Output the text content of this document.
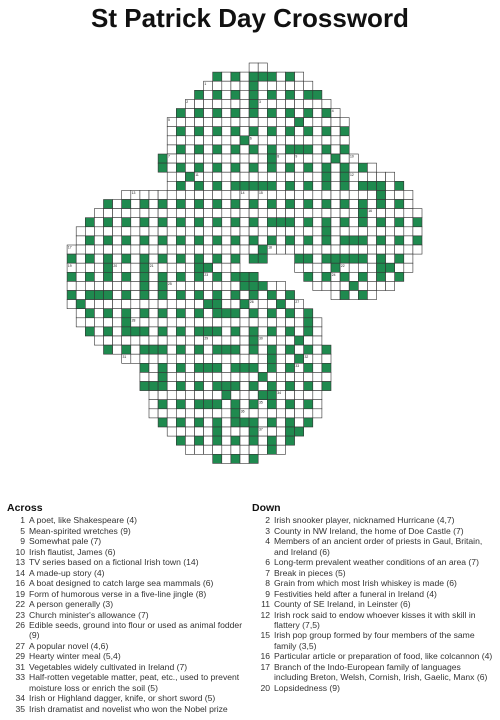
St Patrick Day Crossword
1
2	3
4
5
6
7	8	9	10
11	12
13	14	15
16
17	18
19	20	21	22
23	24
25
26	27
28
29	30
31	32
33
34
35
36
37
Across
1 A poet, like Shakespeare (4)
5 Mean-spirited wretches (9)
9 Somewhat pale (7)
10 Irish flautist, James (6)
13 TV series based on a fictional Irish town (14)
14 A made-up story (4)
16 A boat designed to catch large sea mammals (6)
19 Form of humorous verse in a five-line jingle (8)
22 A person generally (3)
23 Church minister's allowance (7)
26 Edible seeds, ground into flour or used as animal fodder (9)
27 A popular novel (4,6)
29 Hearty winter meal (5,4)
31 Vegetables widely cultivated in Ireland (7)
33 Half-rotten vegetable matter, peat, etc., used to prevent moisture loss or enrich the soil (5)
34 Irish or Highland dagger, knife, or short sword (5)
35 Irish dramatist and novelist who won the Nobel prize
Down
2 Irish snooker player, nicknamed Hurricane (4,7)
3 County in NW Ireland, the home of Doe Castle (7)
4 Members of an ancient order of priests in Gaul, Britain, and Ireland (6)
6 Long-term prevalent weather conditions of an area (7)
7 Break in pieces (5)
8 Grain from which most Irish whiskey is made (6)
9 Festivities held after a funeral in Ireland (4)
11 County of SE Ireland, in Leinster (6)
12 Irish rock said to endow whoever kisses it with skill in flattery (7,5)
15 Irish pop group formed by four members of the same family (3,5)
16 Particular article or preparation of food, like colcannon (4)
17 Branch of the Indo-European family of languages including Breton, Welsh, Cornish, Irish, Gaelic, Manx (6)
20 Lopsidedness (9)
